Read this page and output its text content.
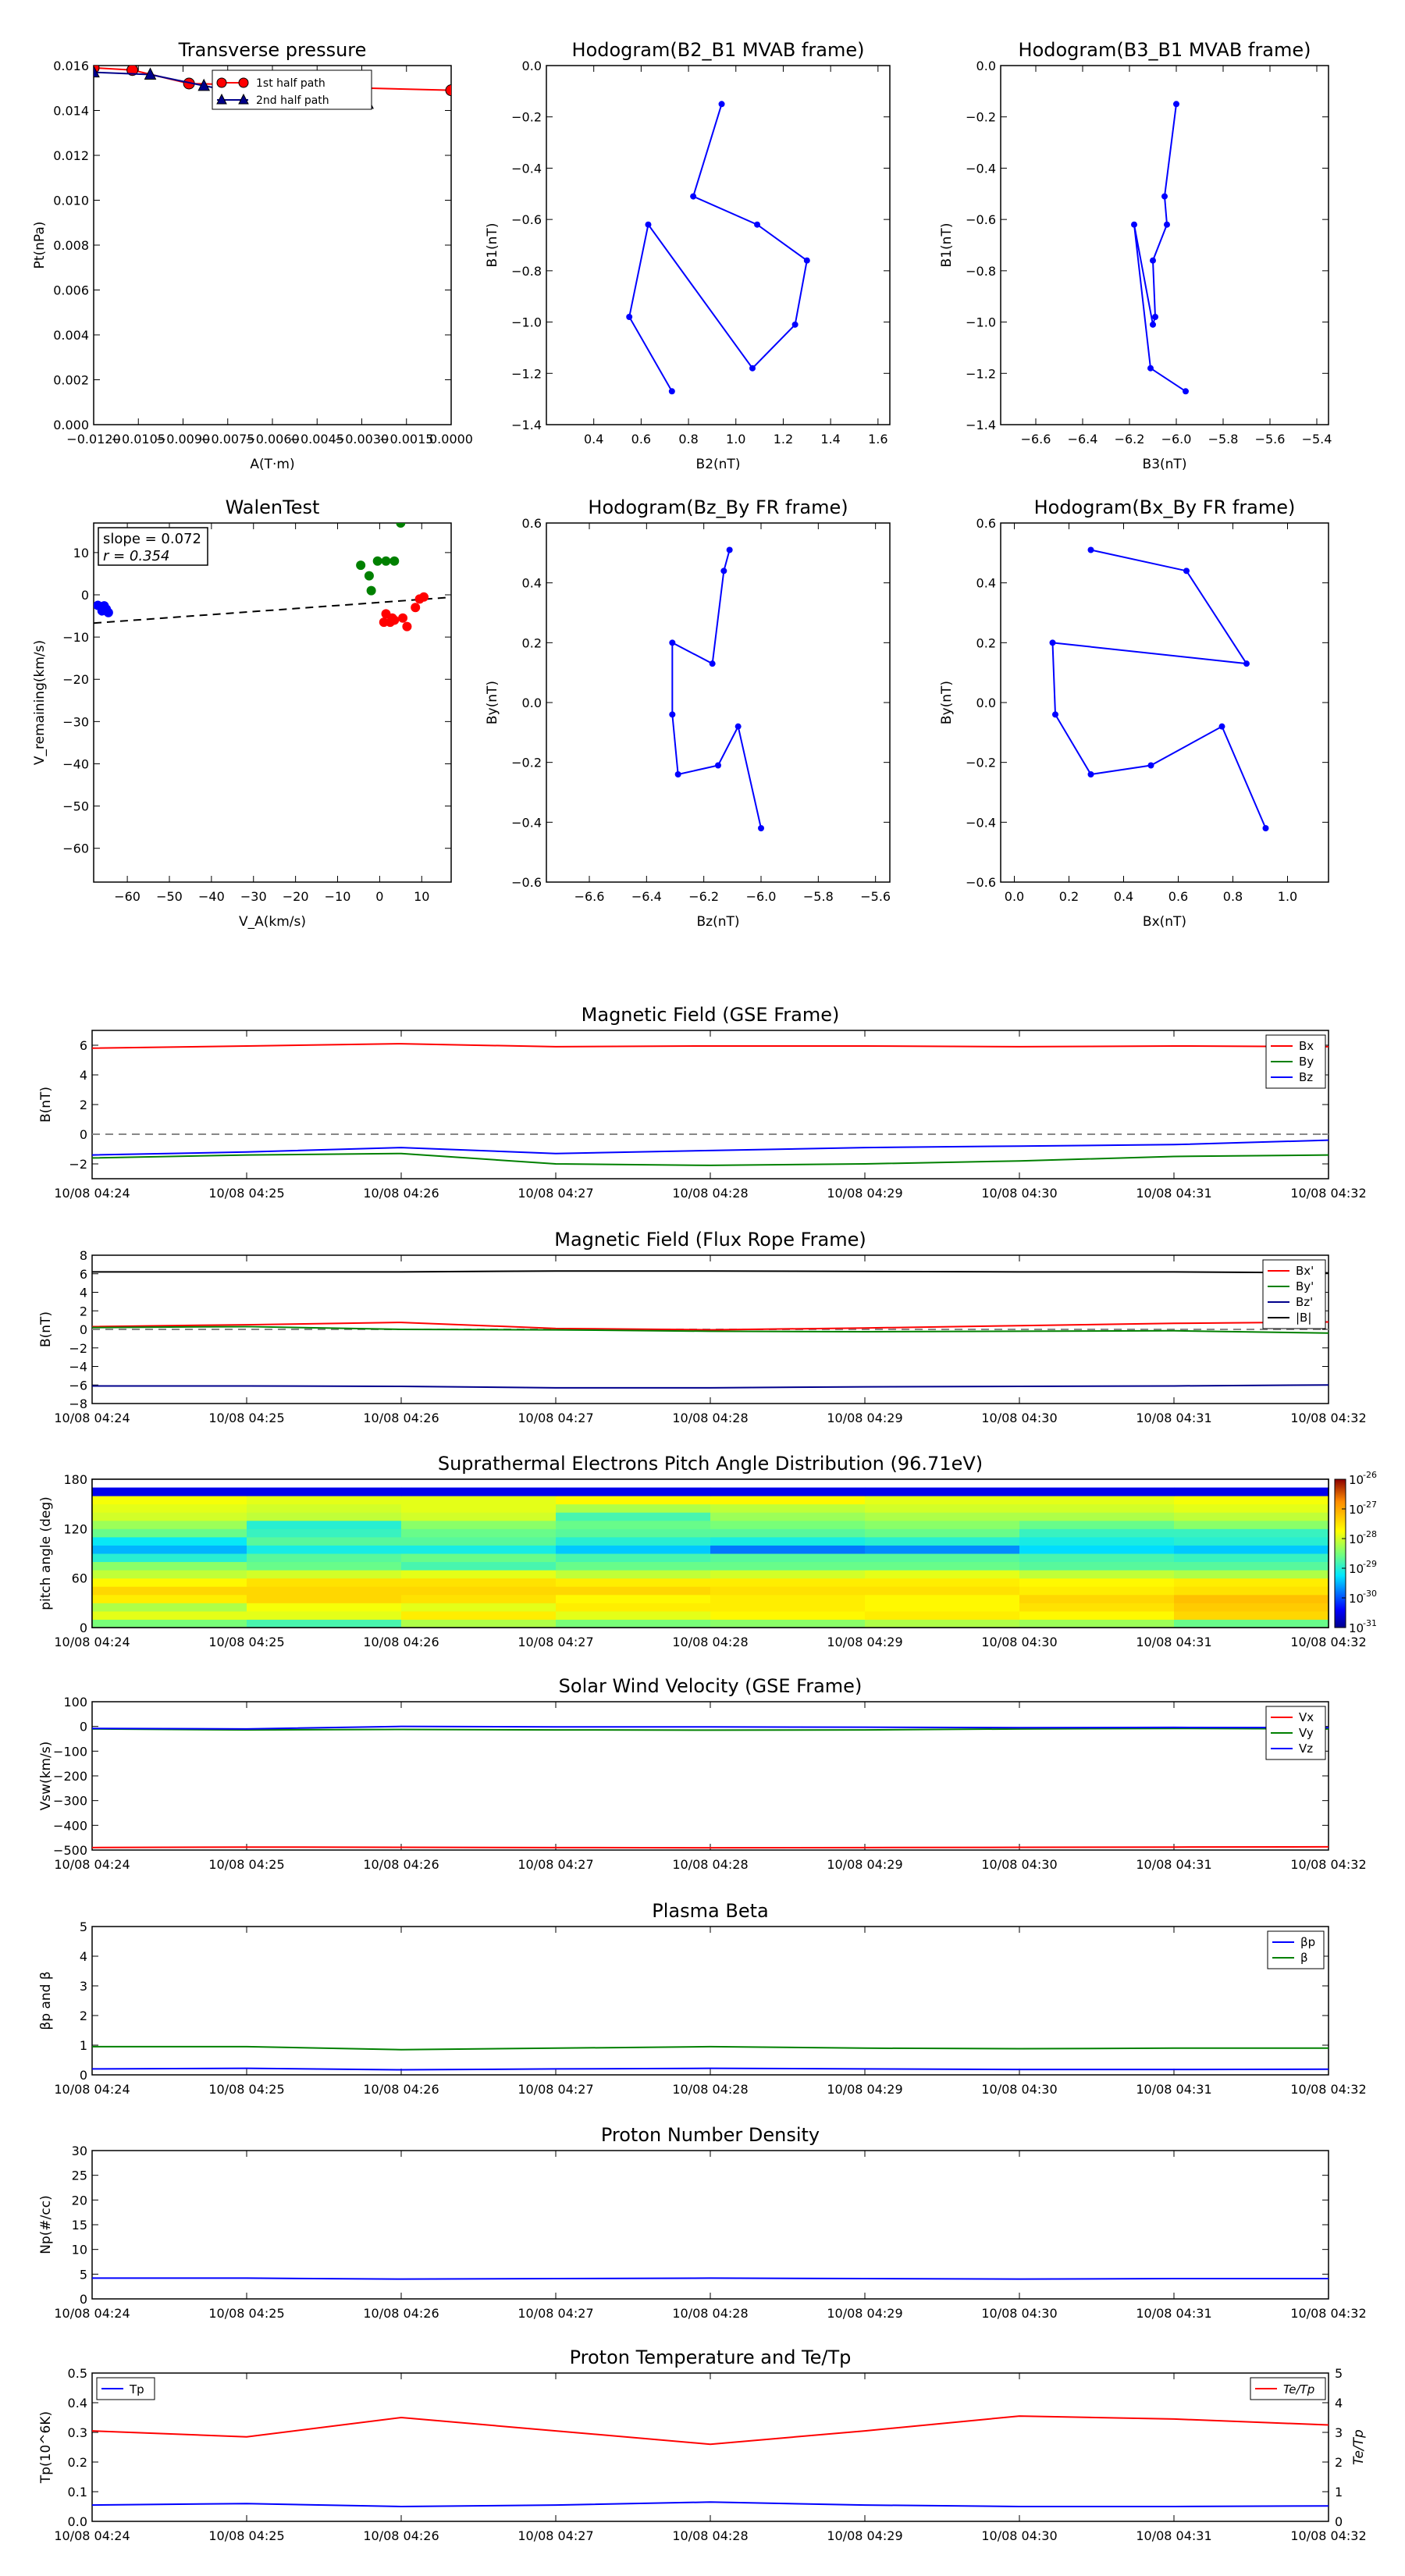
Transverse pressure
−0.0120
−0.0105
−0.0090
−0.0075
−0.0060
−0.0045
−0.0030
−0.0015
0.0000
0.000
0.002
0.004
0.006
0.008
0.010
0.012
0.014
0.016
A(T·m)
Pt(nPa)
1st half path
2nd half path
Hodogram(B2_B1 MVAB frame)
0.4 0.6 0.8 1.0 1.2 1.4 1.6
0.0
−0.2
−0.4
−0.6
−0.8
−1.0
−1.2
−1.4
B2(nT)
B1(nT)
Hodogram(B3_B1 MVAB frame)
−6.6 −6.4 −6.2 −6.0 −5.8 −5.6 −5.4
0.0
−0.2
−0.4
−0.6
−0.8
−1.0
−1.2
−1.4
B3(nT)
B1(nT)
WalenTest
−60 −50 −40 −30 −20 −10 0 10
10
0
−10
−20
−30
−40
−50
−60
V_A(km/s)
V_remaining(km/s)
slope = 0.072
r = 0.354
Hodogram(Bz_By FR frame)
−6.6 −6.4 −6.2 −6.0 −5.8 −5.6
0.6
0.4
0.2
0.0
−0.2
−0.4
−0.6
Bz(nT)
By(nT)
Hodogram(Bx_By FR frame)
0.0	0.2	0.4	0.6	0.8	1.0
0.6
0.4
0.2
0.0
−0.2
−0.4
−0.6
Bx(nT)
By(nT)
Magnetic Field (GSE Frame)
10/08 04:24	10/08 04:25	10/08 04:26	10/08 04:27	10/08 04:28	10/08 04:29	10/08 04:30	10/08 04:31	10/08 04:32
6
4
2
0
−2
B(nT)
Bx
By
Bz
Magnetic Field (Flux Rope Frame)
10/08 04:24	10/08 04:25	10/08 04:26	10/08 04:27	10/08 04:28	10/08 04:29	10/08 04:30	10/08 04:31	10/08 04:32
8
6
4
2
0
−2
−4
−6
−8
B(nT)
Bx'
By'
Bz'
|B|
Suprathermal Electrons Pitch Angle Distribution (96.71eV)
10/08 04:24	10/08 04:25	10/08 04:26	10/08 04:27	10/08 04:28	10/08 04:29	10/08 04:30	10/08 04:31	10/08 04:32
180
120
60
0
pitch angle (deg)
10
-26
10
-27
10
-28
10
-29
10
-30
10
-31
Solar Wind Velocity (GSE Frame)
10/08 04:24	10/08 04:25	10/08 04:26	10/08 04:27	10/08 04:28	10/08 04:29	10/08 04:30	10/08 04:31	10/08 04:32
100
0
−100
−200
−300
−400
−500
Vsw(km/s)
Vx
Vy
Vz
Plasma Beta
10/08 04:24	10/08 04:25	10/08 04:26	10/08 04:27	10/08 04:28	10/08 04:29	10/08 04:30	10/08 04:31	10/08 04:32
5
4
3
2
1
0
βp and β
βp
β
Proton Number Density
10/08 04:24	10/08 04:25	10/08 04:26	10/08 04:27	10/08 04:28	10/08 04:29	10/08 04:30	10/08 04:31	10/08 04:32
30
25
20
15
10
5
0
Np(#/cc)
Proton Temperature and Te/Tp
10/08 04:24	10/08 04:25	10/08 04:26	10/08 04:27	10/08 04:28	10/08 04:29	10/08 04:30	10/08 04:31	10/08 04:32
0.5
0.4
0.3
0.2
0.1
0.0
Tp(10^6K)
5
4
3
2
1
0
Te/Tp
Tp	Te/Tp
